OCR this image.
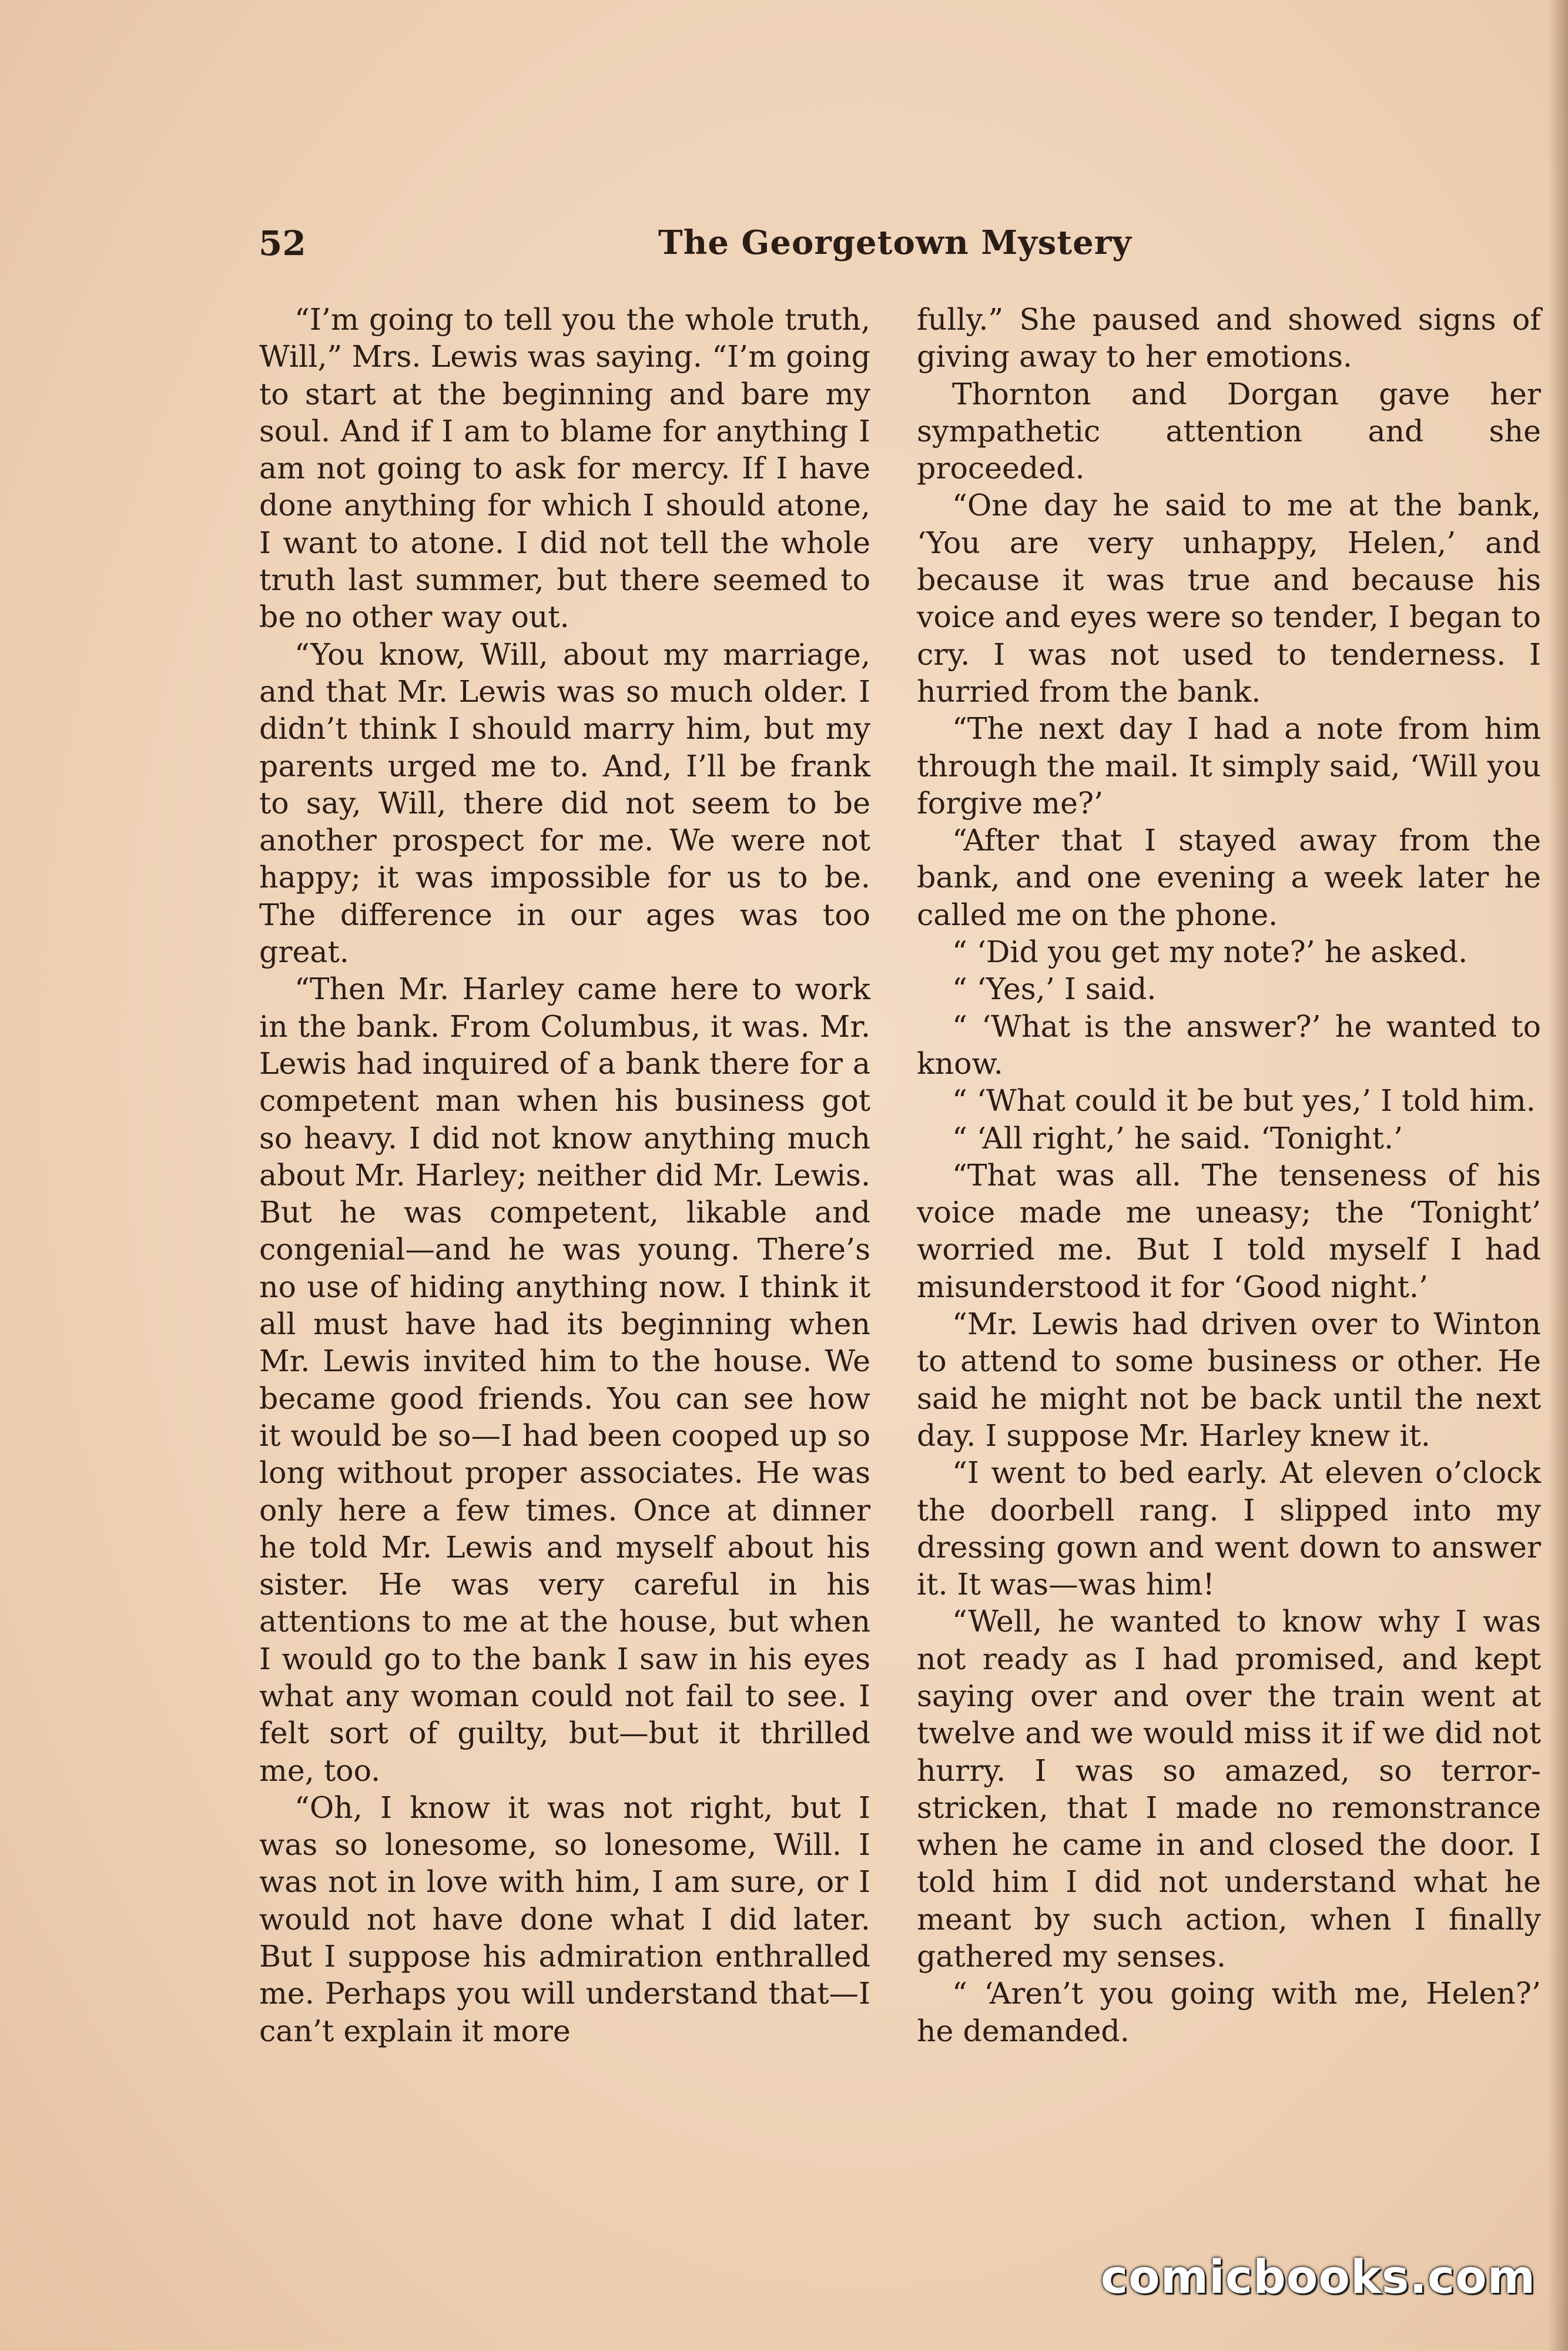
52	The Georgetown Mystery

“I’m going to tell you the whole truth, Will,” Mrs. Lewis was saying. “I’m going to start at the beginning and bare my soul. And if I am to blame for anything I am not going to ask for mercy. If I have done anything for which I should atone, I want to atone. I did not tell the whole truth last summer, but there seemed to be no other way out.

“You know, Will, about my marriage, and that Mr. Lewis was so much older. I didn’t think I should marry him, but my parents urged me to. And, I’ll be frank to say, Will, there did not seem to be another prospect for me. We were not happy; it was impossible for us to be. The difference in our ages was too great.

“Then Mr. Harley came here to work in the bank. From Columbus, it was. Mr. Lewis had inquired of a bank there for a competent man when his business got so heavy. I did not know anything much about Mr. Harley; neither did Mr. Lewis. But he was competent, likable and congenial—and he was young. There’s no use of hiding anything now. I think it all must have had its beginning when Mr. Lewis invited him to the house. We became good friends. You can see how it would be so—I had been cooped up so long without proper associates. He was only here a few times. Once at dinner he told Mr. Lewis and myself about his sister. He was very careful in his attentions to me at the house, but when I would go to the bank I saw in his eyes what any woman could not fail to see. I felt sort of guilty, but—but it thrilled me, too.

“Oh, I know it was not right, but I was so lonesome, so lonesome, Will. I was not in love with him, I am sure, or I would not have done what I did later. But I suppose his admiration enthralled me. Perhaps you will understand that—I can’t explain it more

fully.” She paused and showed signs of giving away to her emotions.

Thornton and Dorgan gave her sympathetic attention and she proceeded.

“One day he said to me at the bank, ‘You are very unhappy, Helen,’ and because it was true and because his voice and eyes were so tender, I began to cry. I was not used to tenderness. I hurried from the bank.

“The next day I had a note from him through the mail. It simply said, ‘Will you forgive me?’

“After that I stayed away from the bank, and one evening a week later he called me on the phone.

“ ‘Did you get my note?’ he asked.

“ ‘Yes,’ I said.

“ ‘What is the answer?’ he wanted to know.

“ ‘What could it be but yes,’ I told him.

“ ‘All right,’ he said. ‘Tonight.’

“That was all. The tenseness of his voice made me uneasy; the ‘Tonight’ worried me. But I told myself I had misunderstood it for ‘Good night.’

“Mr. Lewis had driven over to Winton to attend to some business or other. He said he might not be back until the next day. I suppose Mr. Harley knew it.

“I went to bed early. At eleven o’clock the doorbell rang. I slipped into my dressing gown and went down to answer it. It was—was him!

“Well, he wanted to know why I was not ready as I had promised, and kept saying over and over the train went at twelve and we would miss it if we did not hurry. I was so amazed, so terror-stricken, that I made no remonstrance when he came in and closed the door. I told him I did not understand what he meant by such action, when I finally gathered my senses.

“ ‘Aren’t you going with me, Helen?’ he demanded.

comicbooks.com
